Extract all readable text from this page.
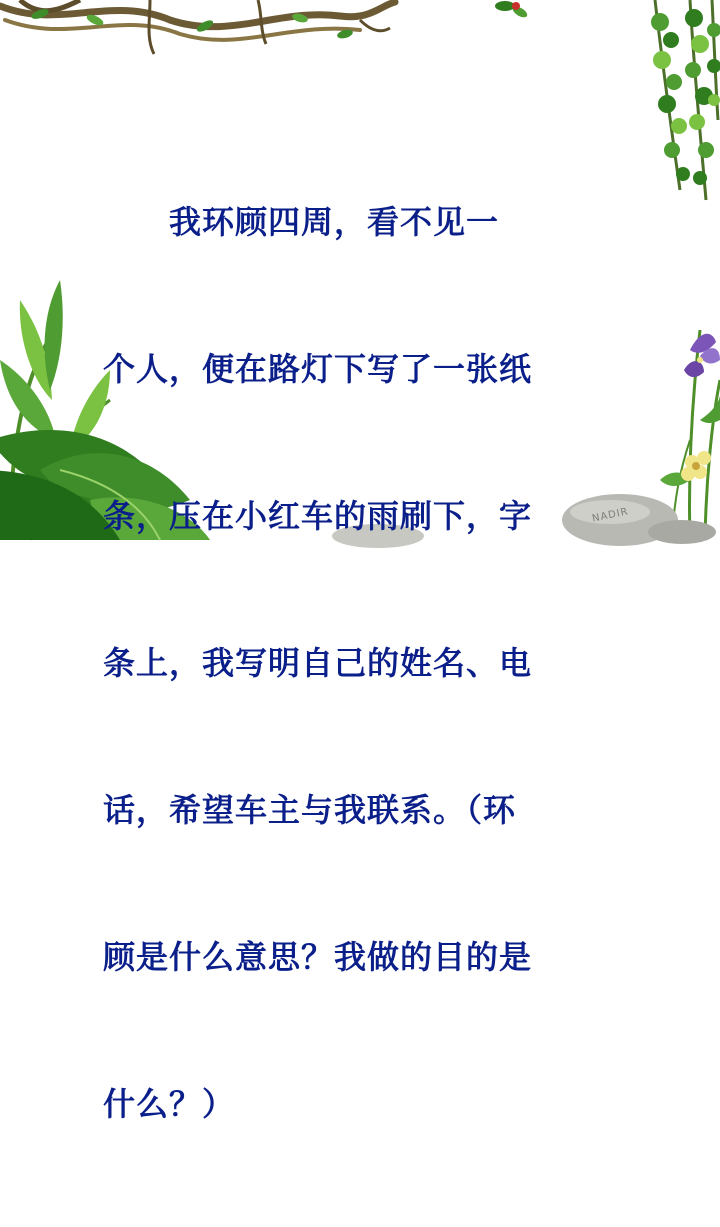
NADIR

　　我环顾四周，看不见一

个人，便在路灯下写了一张纸

条，压在小红车的雨刷下，字

条上，我写明自己的姓名、电

话，希望车主与我联系。（环

顾是什么意思？我做的目的是

什么？）
